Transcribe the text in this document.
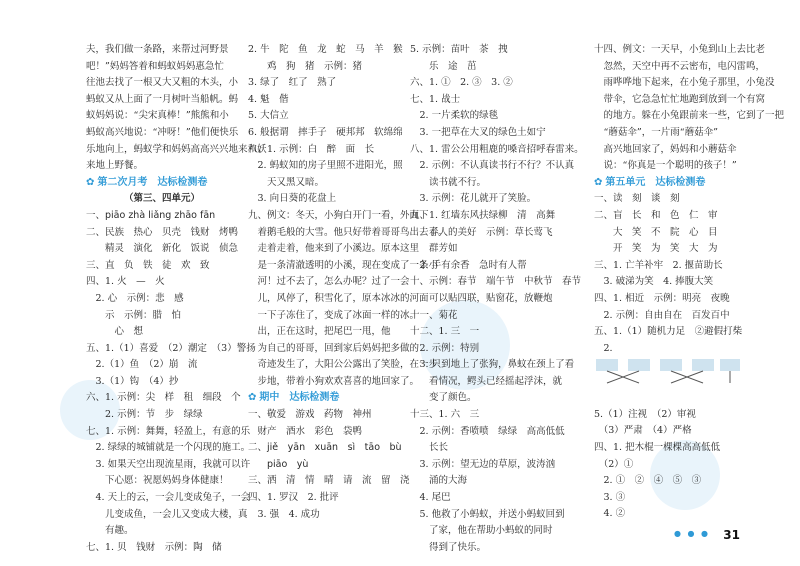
夫，我们做一条路，来帮过河野景
吧！”妈妈答着和蚂蚁妈妈惠急忙
往池去找了一根又大又粗的木头，小
蚂蚁又从上面了一月树叶当船帆。蚂
蚁妈妈说：“尖宋真棒！”熊熊和小
蚂蚁高兴地说：“冲呀！”他们便快乐
乐地向上，蚂蚁学和妈妈高高兴兴地来和妖
来地上野餐。
✿ 第二次月考　达标检测卷
（第三、四单元）
一、piāo zhà liǎng zhāo fān
二、民族　热心　贝壳　钱财　烤鸭
　　精灵　演化　新化　饭说　侦急
三、直　负　铁　徒　欢　致
四、1. 火　—　火
　2. 心　示例：悲　感
　　示　示例：腊　怕
　　　心　想
五、1.（1）喜爱　（2）潮定　（3）警扬
　2.（1）鱼　（2）崩　流
　3.（1）钩　（4）抄
六、1. 示例：尖　样　租　细段　个
　　2. 示例：节　步　绿绿
七、1. 示例：舞舞，轻盈上，有意的乐
　2. 绿绿的城铺就是一个闪现的施工。
　3. 如果天空出现流星雨，我就可以许
　　下心愿：祝愿妈妈身体健康！
　4. 天上的云，一会儿变成兔子，一会
　　儿变成鱼，一会儿又变成大楼，真
　　有趣。
七、1. 贝　钱财　示例：陶　储
2. 牛　陀　鱼　龙　蛇　马　羊　猴
　　鸡　狗　猪　示例：猪
3. 绿了　红了　熟了
4. 魁　偕
5. 大信立
6. 般据谓　摔手子　硬邦邦　软绵绵
八、1. 示例：白　醉　面　长
　2. 蚂蚁知的房子里照不进阳光，照
　　天又黑又暗。
　3. 向日葵的花盘上
九、例文：冬天，小狗白开门一看，外面下
　着鹅毛般的大雪。他只好带着哥哥鸟出去了。
　走着走着，他来到了小溪边。原本这里
　是一条清澈透明的小溪，现在变成了一条小
　河！过不去了，怎么办呢？过了一会
　儿，风停了，积雪化了，原本冰冰的河面
　一下子冻住了，变成了冰面一样的冰。
　出，正在这时，把尾巴一甩，他
　为自己的哥哥，回到家后妈妈把多做的
　奇迹发生了，大阳公公露出了笑脸，在一步
　步地，带着小狗欢欢喜喜的地回家了。
✿ 期中　达标检测卷
一、敬爱　游戏　药物　神州
　财产　酒水　彩色　袋鸭
二、jiě　yān　xuān　sì　tāo　bù
　　piāo　yù
三、洒　清　情　晴　请　流　留　浇
四、1. 罗汉　2. 批评
　3. 强　4. 成功
5. 示例：苗叶　茶　拽
　　乐　途　茁
六、1. ①　2. ③　3. ②
七、1. 战士
　2. 一片柔软的绿毯
　3. 一把草在大叉的绿色土如宁
八、1. 雷公公用粗鹿的嗓音招呼春雷来。
　2. 示例：不认真读书行不行？不认真
　　读书就不行。
　3. 示例：花儿就开了笑脸。
九、1. 红墙东风扶绿柳　清　高舞
　　春人的美好　示例：草长莺飞
　　群芳如
　2. 手有余香　急时有人帮
十、示例：春节　端午节　中秋节　春节
　　可以贴四联，贴窗花，放鞭炮
十一、菊花
十二、1. 三　一
　2. 示例：特别
　3. 只到地上了张狗，鼻蚊在颈上了看
　　看情况，鳄头已经摇起浮沫，就
　　变了颜色。
十三、1. 六　三
　2. 示例：香喷喷　绿绿　高高低低
　　长长
　3. 示例：望无边的草原，波涛汹
　　涌的大海
　4. 尾巴
　5. 他救了小蚂蚁，并送小蚂蚁回到
　　了家，他在帮助小蚂蚁的同时
　　得到了快乐。
十四、例文：一天早，小兔到山上去比老
　忽然，天空中再不云密布，电闪雷鸣，
　雨哗哗地下起来，在小兔子那里，小兔没
　带伞，它急急忙忙地跑到放到一个有窝
　的地方。躲在小兔跟前来一些，它到了一把
　“蘑菇伞”，一片雨“蘑菇伞”
　高兴地回家了，妈妈和小蘑菇伞
　说：“你真是一个聪明的孩子！”
✿ 第五单元　达标检测卷
一、读　刻　谈　刻
二、盲　长　和　色　仁　审
　　大　笑　不　院　心　目
　　开　笑　为　笑　大　为
三、1. 亡羊补牢　2. 揠苗助长
　3. 破涕为笑　4. 捧腹大笑
四、1. 相近　示例：明亮　夜晚
　2. 示例：自由自在　百发百中
五、1.（1）随机力足　②避假打柴
　2.
5.（1）注视　（2）审视
　（3）严肃　（4）严格
四、1. 把木棍一棵棵高高低低
　（2）①
　2. ①　②　④　⑤　③
　3. ③
　4. ②
● ● ● 31
